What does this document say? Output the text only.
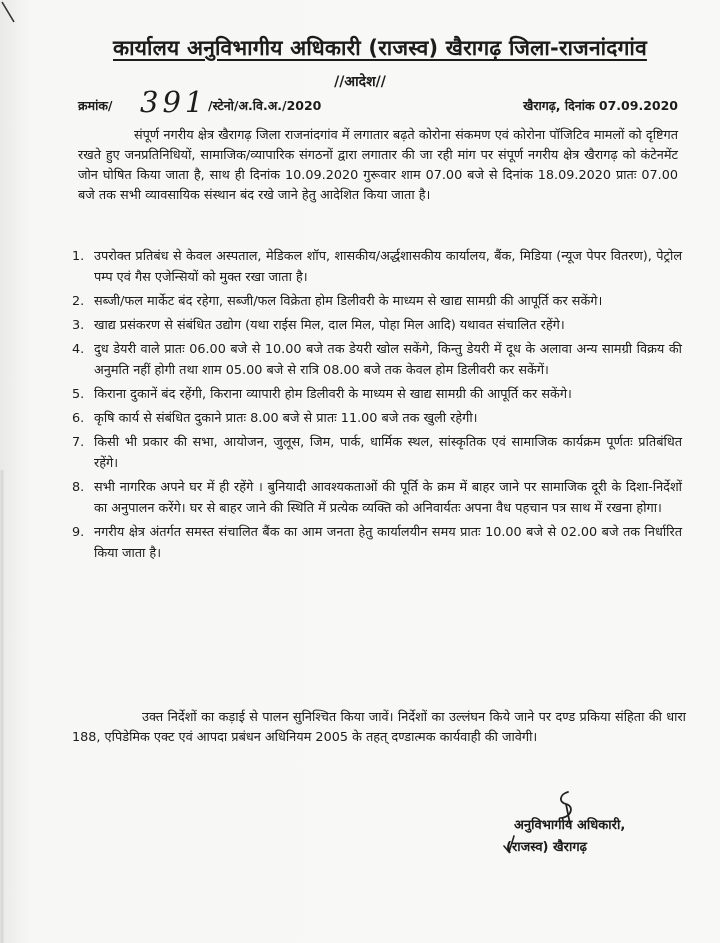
कार्यालय अनुविभागीय अधिकारी (राजस्व) खैरागढ़ जिला-राजनांदगांव
//आदेश//
क्रमांक/ 391 /स्टेनो/अ.वि.अ./2020	खैरागढ़, दिनांक 07.09.2020
संपूर्ण नगरीय क्षेत्र खैरागढ़ जिला राजनांदगांव में लगातार बढ़ते कोरोना संकमण एवं कोरोना पॉजिटिव मामलों को दृष्टिगत रखते हुए जनप्रतिनिधियों, सामाजिक/व्यापारिक संगठनों द्वारा लगातार की जा रही मांग पर संपूर्ण नगरीय क्षेत्र खैरागढ़ को कंटेनमेंट जोन घोषित किया जाता है, साथ ही दिनांक 10.09.2020 गुरूवार शाम 07.00 बजे से दिनांक 18.09.2020 प्रातः 07.00 बजे तक सभी व्यावसायिक संस्थान बंद रखे जाने हेतु आदेशित किया जाता है।
1. उपरोक्त प्रतिबंध से केवल अस्पताल, मेडिकल शॉप, शासकीय/अर्द्धशासकीय कार्यालय, बैंक, मिडिया (न्यूज पेपर वितरण), पेट्रोल पम्प एवं गैस एजेन्सियों को मुक्त रखा जाता है।
2. सब्जी/फल मार्केट बंद रहेगा, सब्जी/फल विक्रेता होम डिलीवरी के माध्यम से खाद्य सामग्री की आपूर्ति कर सकेंगे।
3. खाद्य प्रसंकरण से संबंधित उद्योग (यथा राईस मिल, दाल मिल, पोहा मिल आदि) यथावत संचालित रहेंगे।
4. दुध डेयरी वाले प्रातः 06.00 बजे से 10.00 बजे तक डेयरी खोल सकेंगे, किन्तु डेयरी में दूध के अलावा अन्य सामग्री विक्रय की अनुमति नहीं होगी तथा शाम 05.00 बजे से रात्रि 08.00 बजे तक केवल होम डिलीवरी कर सकेंगें।
5. किराना दुकानें बंद रहेंगी, किराना व्यापारी होम डिलीवरी के माध्यम से खाद्य सामग्री की आपूर्ति कर सकेंगे।
6. कृषि कार्य से संबंधित दुकाने प्रातः 8.00 बजे से प्रातः 11.00 बजे तक खुली रहेगी।
7. किसी भी प्रकार की सभा, आयोजन, जुलूस, जिम, पार्क, धार्मिक स्थल, सांस्कृतिक एवं सामाजिक कार्यक्रम पूर्णतः प्रतिबंधित रहेंगे।
8. सभी नागरिक अपने घर में ही रहेंगे । बुनियादी आवश्यकताओं की पूर्ति के क्रम में बाहर जाने पर सामाजिक दूरी के दिशा-निर्देशों का अनुपालन करेंगे। घर से बाहर जाने की स्थिति में प्रत्येक व्यक्ति को अनिवार्यतः अपना वैध पहचान पत्र साथ में रखना होगा।
9. नगरीय क्षेत्र अंतर्गत समस्त संचालित बैंक का आम जनता हेतु कार्यालयीन समय प्रातः 10.00 बजे से 02.00 बजे तक निर्धारित किया जाता है।
उक्त निर्देशों का कड़ाई से पालन सुनिश्चित किया जावें। निर्देशों का उल्लंघन किये जाने पर दण्ड प्रकिया संहिता की धारा 188, एपिडेमिक एक्ट एवं आपदा प्रबंधन अधिनियम 2005 के तहत् दण्डात्मक कार्यवाही की जावेगी।
अनुविभागीय अधिकारी,
(राजस्व) खैरागढ़
